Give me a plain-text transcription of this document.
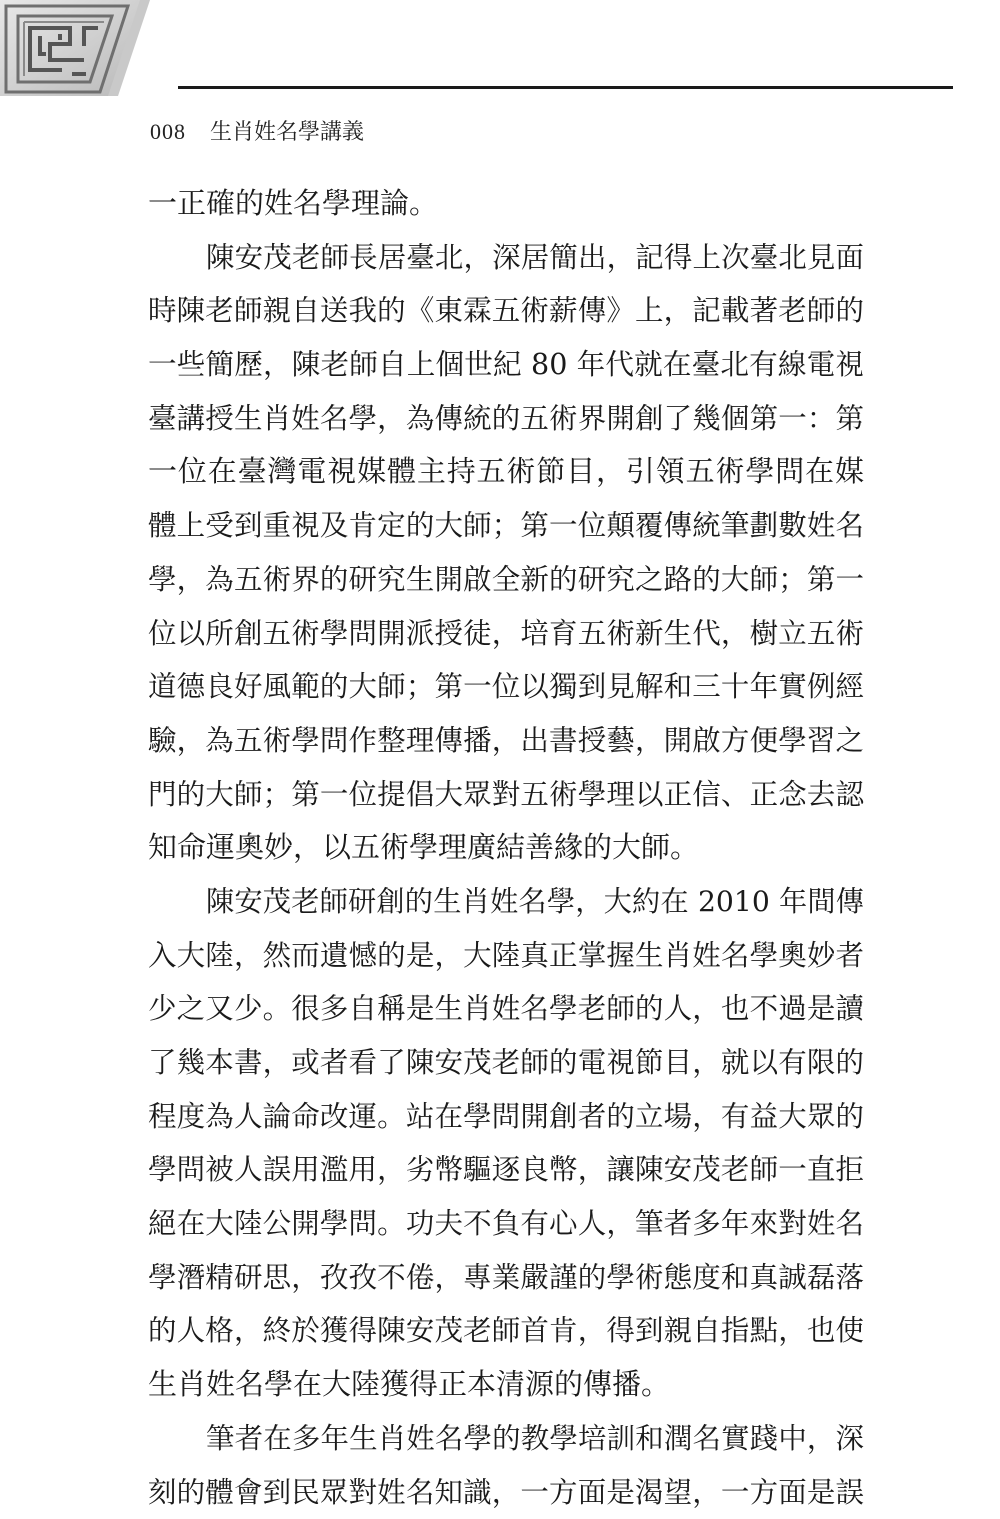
008 生肖姓名學講義
一正確的姓名學理論。
陳安茂老師長居臺北，深居簡出，記得上次臺北見面
時陳老師親自送我的《東霖五術薪傳》上，記載著老師的
一些簡歷，陳老師自上個世紀 80 年代就在臺北有線電視
臺講授生肖姓名學，為傳統的五術界開創了幾個第一：第
一位在臺灣電視媒體主持五術節目，引領五術學問在媒
體上受到重視及肯定的大師；第一位顛覆傳統筆劃數姓名
學，為五術界的研究生開啟全新的研究之路的大師；第一
位以所創五術學問開派授徒，培育五術新生代，樹立五術
道德良好風範的大師；第一位以獨到見解和三十年實例經
驗，為五術學問作整理傳播，出書授藝，開啟方便學習之
門的大師；第一位提倡大眾對五術學理以正信、正念去認
知命運奧妙，以五術學理廣結善緣的大師。
陳安茂老師研創的生肖姓名學，大約在 2010 年間傳
入大陸，然而遺憾的是，大陸真正掌握生肖姓名學奧妙者
少之又少。很多自稱是生肖姓名學老師的人，也不過是讀
了幾本書，或者看了陳安茂老師的電視節目，就以有限的
程度為人論命改運。站在學問開創者的立場，有益大眾的
學問被人誤用濫用，劣幣驅逐良幣，讓陳安茂老師一直拒
絕在大陸公開學問。功夫不負有心人，筆者多年來對姓名
學潛精研思，孜孜不倦，專業嚴謹的學術態度和真誠磊落
的人格，終於獲得陳安茂老師首肯，得到親自指點，也使
生肖姓名學在大陸獲得正本清源的傳播。
筆者在多年生肖姓名學的教學培訓和潤名實踐中，深
刻的體會到民眾對姓名知識，一方面是渴望，一方面是誤
